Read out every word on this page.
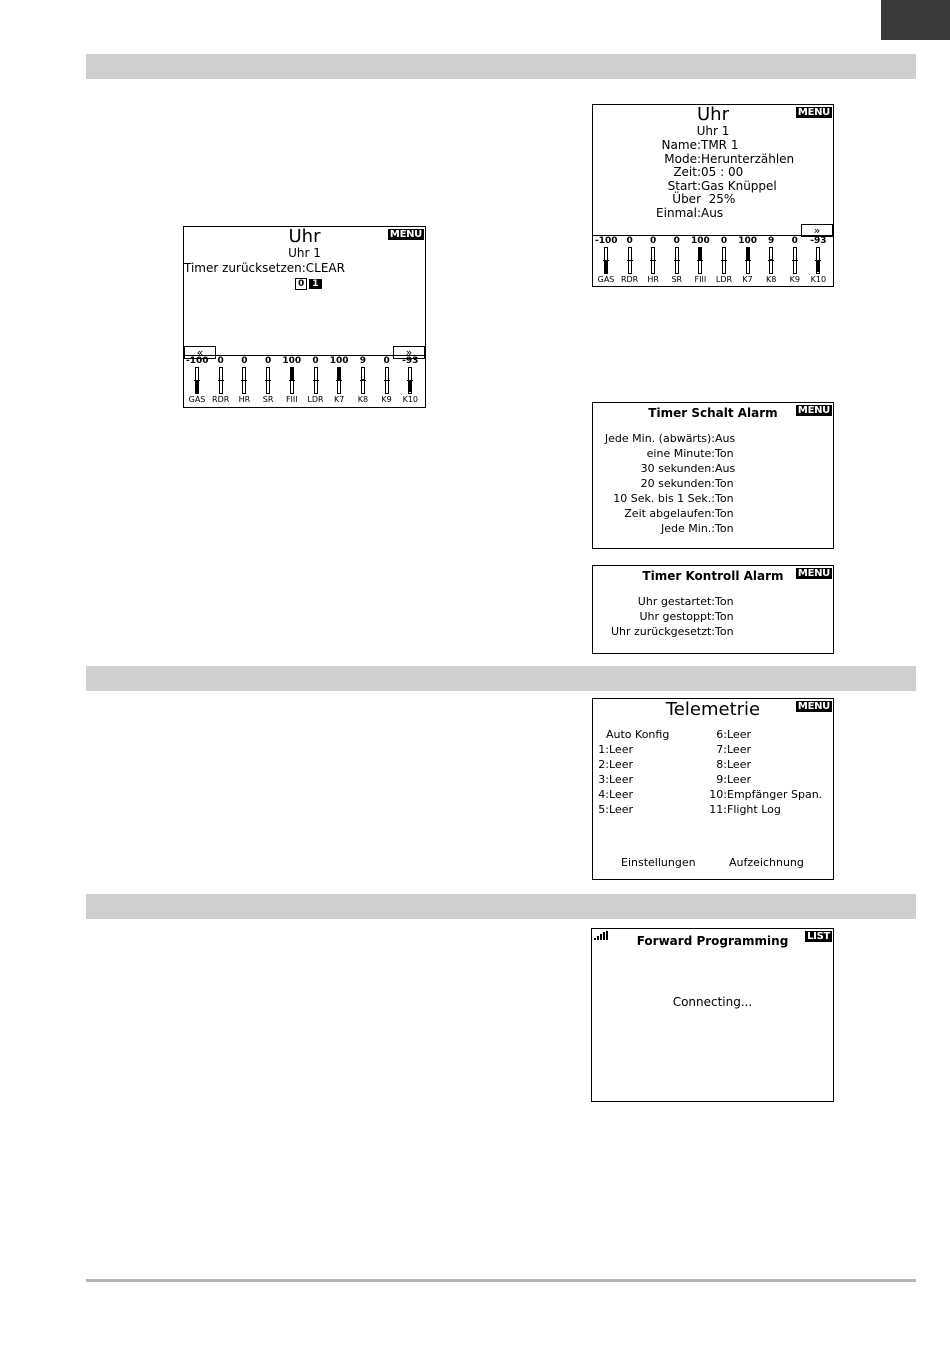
MENÜ
Uhr
Uhr 1
Timer zurücksetzen:CLEAR
0 1
«	»
-100
GAS
0
RDR
0
HR
0
SR
100
FIII
0
LDR
100
K7
9
K8
0
K9
-93
K10
MENÜ
Uhr
Uhr 1
Name:TMR 1
Mode:Herunterzählen
Zeit:05 : 00
Start:Gas Knüppel
Über  25%
Einmal:Aus
»
-100
GAS
0
RDR
0
HR
0
SR
100
FIII
0
LDR
100
K7
9
K8
0
K9
-93
K10
MENÜ
Timer Schalt Alarm
Jede Min. (abwärts):Aus
eine Minute:Ton
30 sekunden:Aus
20 sekunden:Ton
10 Sek. bis 1 Sek.:Ton
Zeit abgelaufen:Ton
Jede Min.:Ton
MENÜ
Timer Kontroll Alarm
Uhr gestartet:Ton
Uhr gestoppt:Ton
Uhr zurückgesetzt:Ton
MENÜ
Telemetrie
Auto Konfig
1:Leer
2:Leer
3:Leer
4:Leer
5:Leer
6:Leer
7:Leer
8:Leer
9:Leer
10:Empfänger Span.
11:Flight Log
Einstellungen	Aufzeichnung
LIST
Forward Programming
Connecting...
